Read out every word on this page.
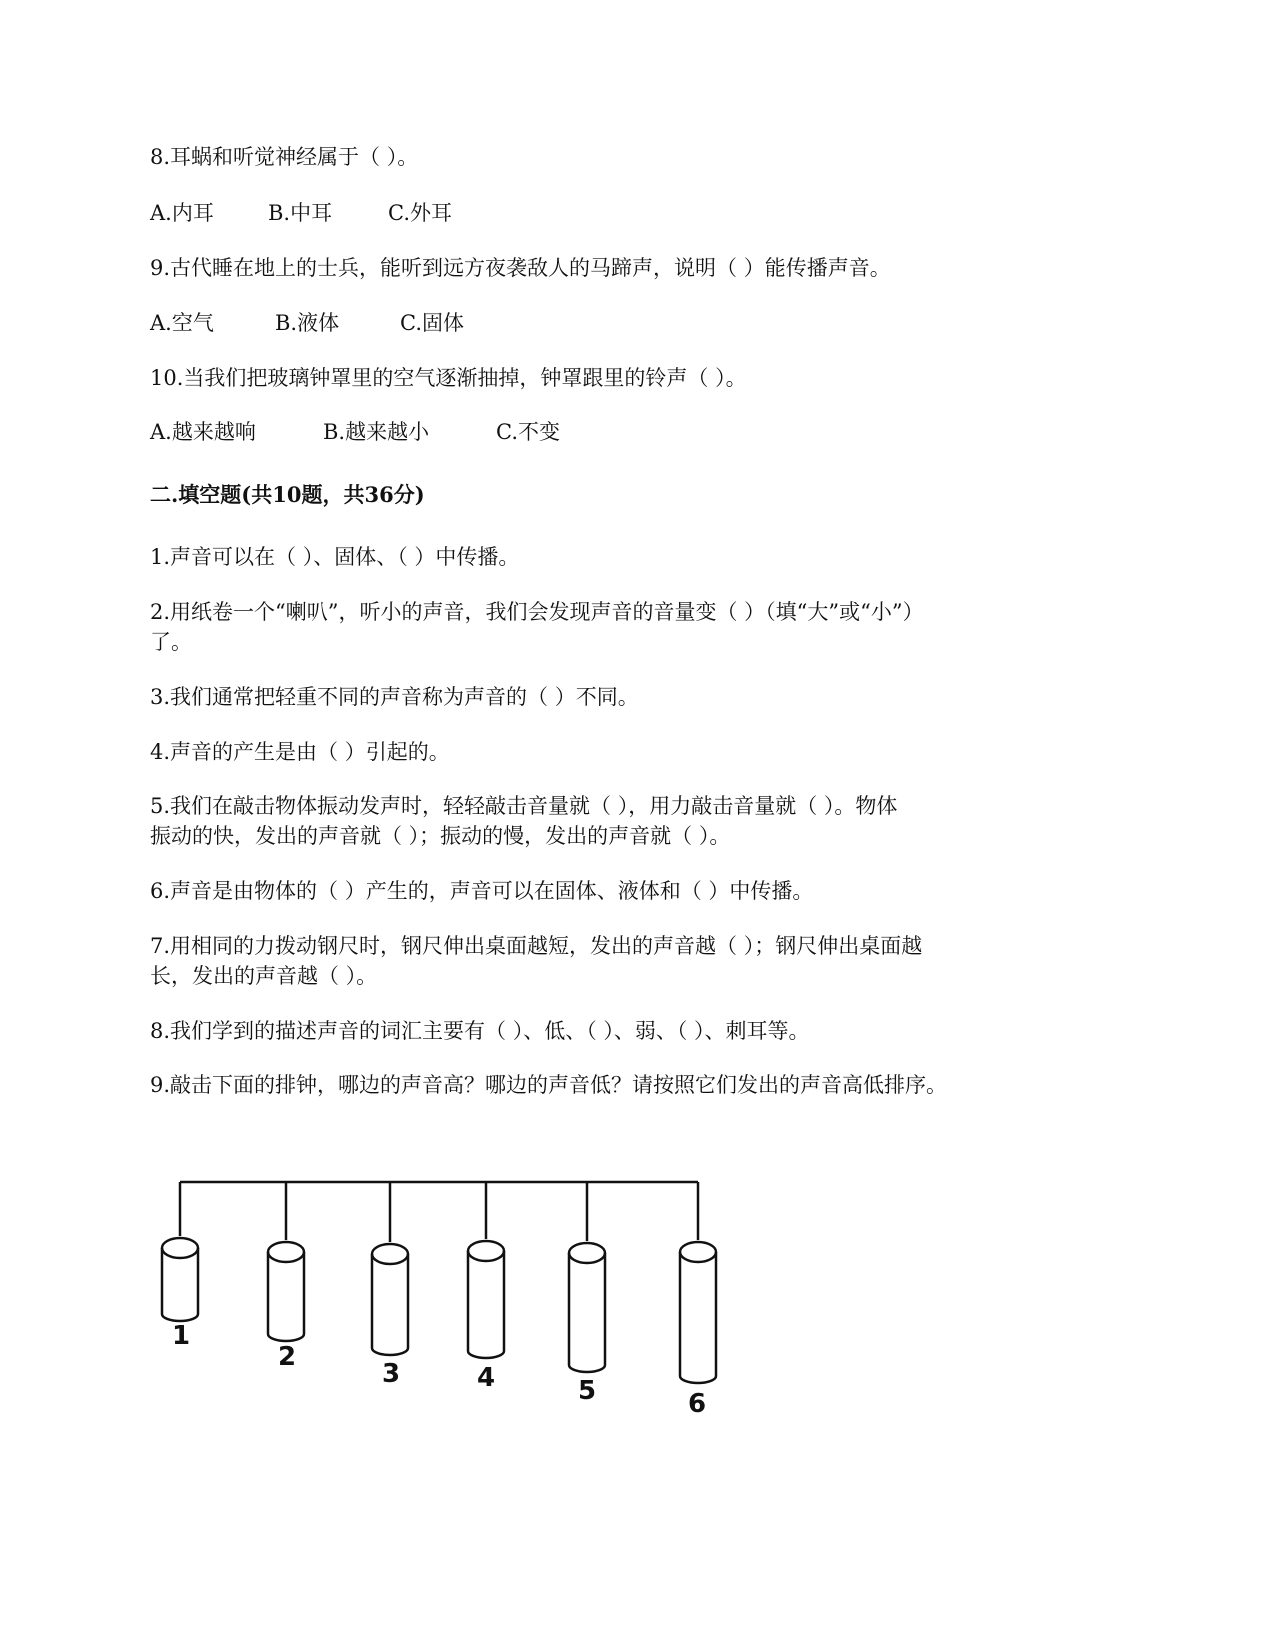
8.耳蜗和听觉神经属于（ ）。
A.内耳	B.中耳	C.外耳
9.古代睡在地上的士兵，能听到远方夜袭敌人的马蹄声，说明（ ）能传播声音。
A.空气	B.液体	C.固体
10.当我们把玻璃钟罩里的空气逐渐抽掉，钟罩跟里的铃声（ ）。
A.越来越响	B.越来越小	C.不变
二.填空题(共10题，共36分)
1.声音可以在（ ）、固体、（ ）中传播。
2.用纸卷一个“喇叭”，听小的声音，我们会发现声音的音量变（ ）（填“大”或“小”）
了。
3.我们通常把轻重不同的声音称为声音的（ ）不同。
4.声音的产生是由（ ）引起的。
5.我们在敲击物体振动发声时，轻轻敲击音量就（ ），用力敲击音量就（ ）。物体
振动的快，发出的声音就（ ）；振动的慢，发出的声音就（ ）。
6.声音是由物体的（ ）产生的，声音可以在固体、液体和（ ）中传播。
7.用相同的力拨动钢尺时，钢尺伸出桌面越短，发出的声音越（ ）；钢尺伸出桌面越
长，发出的声音越（ ）。
8.我们学到的描述声音的词汇主要有（ ）、低、（ ）、弱、（ ）、刺耳等。
9.敲击下面的排钟，哪边的声音高？哪边的声音低？请按照它们发出的声音高低排序。
1
2
3	4	5	6
